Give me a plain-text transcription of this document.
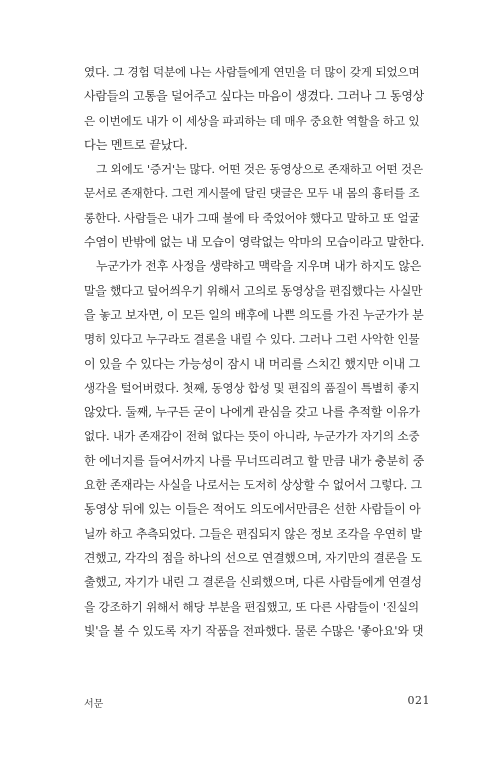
였다. 그 경험 덕분에 나는 사람들에게 연민을 더 많이 갖게 되었으며
사람들의 고통을 덜어주고 싶다는 마음이 생겼다. 그러나 그 동영상
은 이번에도 내가 이 세상을 파괴하는 데 매우 중요한 역할을 하고 있
다는 멘트로 끝났다.
그 외에도 '증거'는 많다. 어떤 것은 동영상으로 존재하고 어떤 것은
문서로 존재한다. 그런 게시물에 달린 댓글은 모두 내 몸의 흉터를 조
롱한다. 사람들은 내가 그때 불에 타 죽었어야 했다고 말하고 또 얼굴
수염이 반밖에 없는 내 모습이 영락없는 악마의 모습이라고 말한다.
누군가가 전후 사정을 생략하고 맥락을 지우며 내가 하지도 않은
말을 했다고 덮어씌우기 위해서 고의로 동영상을 편집했다는 사실만
을 놓고 보자면, 이 모든 일의 배후에 나쁜 의도를 가진 누군가가 분
명히 있다고 누구라도 결론을 내릴 수 있다. 그러나 그런 사악한 인물
이 있을 수 있다는 가능성이 잠시 내 머리를 스치긴 했지만 이내 그
생각을 털어버렸다. 첫째, 동영상 합성 및 편집의 품질이 특별히 좋지
않았다. 둘째, 누구든 굳이 나에게 관심을 갖고 나를 추적할 이유가
없다. 내가 존재감이 전혀 없다는 뜻이 아니라, 누군가가 자기의 소중
한 에너지를 들여서까지 나를 무너뜨리려고 할 만큼 내가 충분히 중
요한 존재라는 사실을 나로서는 도저히 상상할 수 없어서 그렇다. 그
동영상 뒤에 있는 이들은 적어도 의도에서만큼은 선한 사람들이 아
닐까 하고 추측되었다. 그들은 편집되지 않은 정보 조각을 우연히 발
견했고, 각각의 점을 하나의 선으로 연결했으며, 자기만의 결론을 도
출했고, 자기가 내린 그 결론을 신뢰했으며, 다른 사람들에게 연결성
을 강조하기 위해서 해당 부분을 편집했고, 또 다른 사람들이 '진실의
빛'을 볼 수 있도록 자기 작품을 전파했다. 물론 수많은 '좋아요'와 댓
서문	021
